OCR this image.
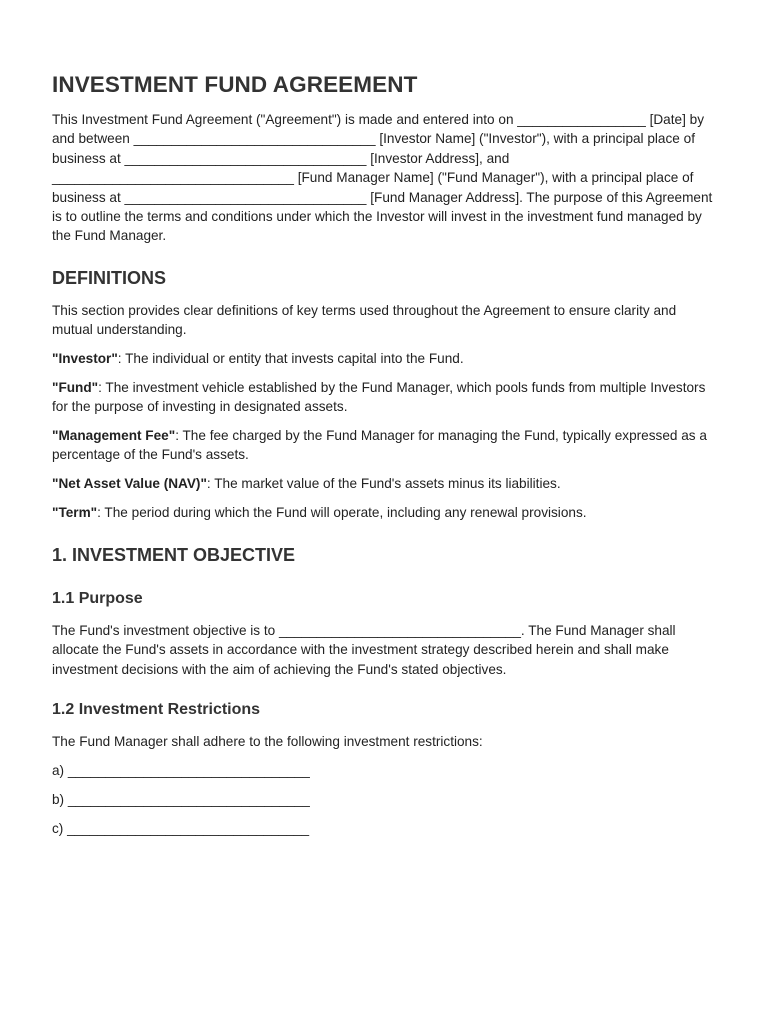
INVESTMENT FUND AGREEMENT

This Investment Fund Agreement ("Agreement") is made and entered into on _________________ [Date] by and between ________________________________ [Investor Name] ("Investor"), with a principal place of business at ________________________________ [Investor Address], and ________________________________ [Fund Manager Name] ("Fund Manager"), with a principal place of business at ________________________________ [Fund Manager Address]. The purpose of this Agreement is to outline the terms and conditions under which the Investor will invest in the investment fund managed by the Fund Manager.

DEFINITIONS

This section provides clear definitions of key terms used throughout the Agreement to ensure clarity and mutual understanding.

"Investor": The individual or entity that invests capital into the Fund.

"Fund": The investment vehicle established by the Fund Manager, which pools funds from multiple Investors for the purpose of investing in designated assets.

"Management Fee": The fee charged by the Fund Manager for managing the Fund, typically expressed as a percentage of the Fund's assets.

"Net Asset Value (NAV)": The market value of the Fund's assets minus its liabilities.

"Term": The period during which the Fund will operate, including any renewal provisions.

1. INVESTMENT OBJECTIVE
1.1 Purpose

The Fund's investment objective is to ________________________________. The Fund Manager shall allocate the Fund's assets in accordance with the investment strategy described herein and shall make investment decisions with the aim of achieving the Fund's stated objectives.

1.2 Investment Restrictions

The Fund Manager shall adhere to the following investment restrictions:

a) ________________________________

b) ________________________________

c) ________________________________
